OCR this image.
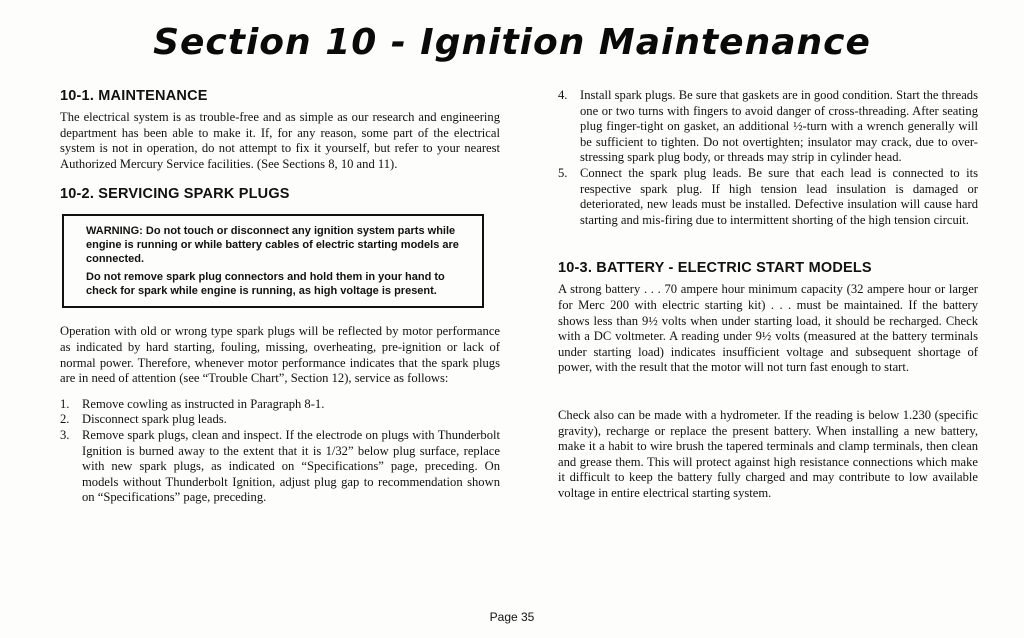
Section 10 - Ignition Maintenance
10-1. MAINTENANCE

The electrical system is as trouble-free and as simple as our research and engineering department has been able to make it. If, for any reason, some part of the electrical system is not in operation, do not attempt to fix it yourself, but refer to your nearest Authorized Mercury Service facilities. (See Sections 8, 10 and 11).

10-2. SERVICING SPARK PLUGS

WARNING: Do not touch or disconnect any ignition system parts while engine is running or while battery cables of electric starting models are connected.

Do not remove spark plug connectors and hold them in your hand to check for spark while engine is running, as high voltage is present.

Operation with old or wrong type spark plugs will be reflected by motor performance as indicated by hard starting, fouling, missing, overheating, pre-ignition or lack of normal power. Therefore, whenever motor performance indicates that the spark plugs are in need of attention (see “Trouble Chart”, Section 12), service as follows:

1. Remove cowling as instructed in Paragraph 8-1.
2. Disconnect spark plug leads.
3. Remove spark plugs, clean and inspect. If the electrode on plugs with Thunderbolt Ignition is burned away to the extent that it is 1/32” below plug surface, replace with new spark plugs, as indicated on “Specifications” page, preceding. On models without Thunderbolt Ignition, adjust plug gap to recommendation shown on “Specifications” page, preceding.
4. Install spark plugs. Be sure that gaskets are in good condition. Start the threads one or two turns with fingers to avoid danger of cross-threading. After seating plug finger-tight on gasket, an additional ½-turn with a wrench generally will be sufficient to tighten. Do not overtighten; insulator may crack, due to over-stressing spark plug body, or threads may strip in cylinder head.
5. Connect the spark plug leads. Be sure that each lead is connected to its respective spark plug. If high tension lead insulation is damaged or deteriorated, new leads must be installed. Defective insulation will cause hard starting and mis-firing due to intermittent shorting of the high tension circuit.
10-3. BATTERY - ELECTRIC START MODELS

A strong battery . . . 70 ampere hour minimum capacity (32 ampere hour or larger for Merc 200 with electric starting kit) . . . must be maintained. If the battery shows less than 9½ volts when under starting load, it should be recharged. Check with a DC voltmeter. A reading under 9½ volts (measured at the battery terminals under starting load) indicates insufficient voltage and subsequent shortage of power, with the result that the motor will not turn fast enough to start.

Check also can be made with a hydrometer. If the reading is below 1.230 (specific gravity), recharge or replace the present battery. When installing a new battery, make it a habit to wire brush the tapered terminals and clamp terminals, then clean and grease them. This will protect against high resistance connections which make it difficult to keep the battery fully charged and may contribute to low available voltage in entire electrical starting system.

Page 35
